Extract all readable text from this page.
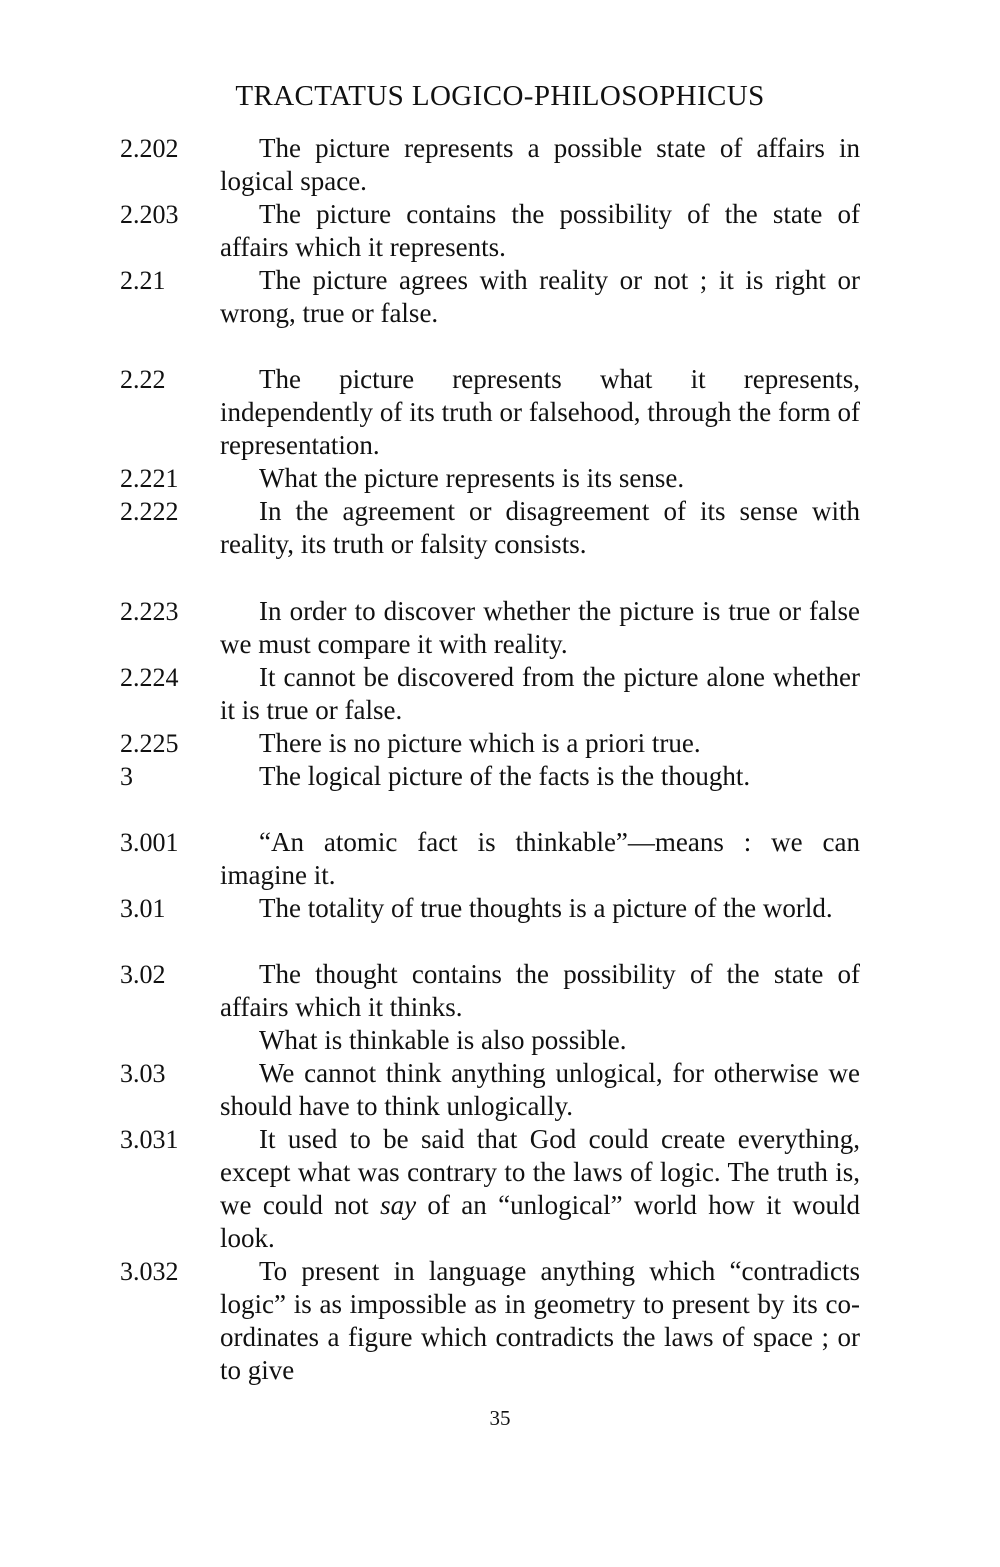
TRACTATUS LOGICO-PHILOSOPHICUS
2.202	The picture represents a possible state of affairs in logical space.

2.203	The picture contains the possibility of the state of affairs which it represents.

2.21	The picture agrees with reality or not ; it is right or wrong, true or false.

2.22	The picture represents what it represents, independently of its truth or falsehood, through the form of representation.

2.221	What the picture represents is its sense.

2.222	In the agreement or disagreement of its sense with reality, its truth or falsity consists.

2.223	In order to discover whether the picture is true or false we must compare it with reality.

2.224	It cannot be discovered from the picture alone whether it is true or false.

2.225	There is no picture which is a priori true.

3	The logical picture of the facts is the thought.

3.001	“An atomic fact is thinkable”—means : we can imagine it.

3.01	The totality of true thoughts is a picture of the world.

3.02	The thought contains the possibility of the state of affairs which it thinks.

What is thinkable is also possible.

3.03	We cannot think anything unlogical, for otherwise we should have to think unlogically.

3.031	It used to be said that God could create everything, except what was contrary to the laws of logic. The truth is, we could not say of an “unlogical” world how it would look.

3.032	To present in language anything which “contradicts logic” is as impossible as in geometry to present by its co-ordinates a figure which contradicts the laws of space ; or to give

35
